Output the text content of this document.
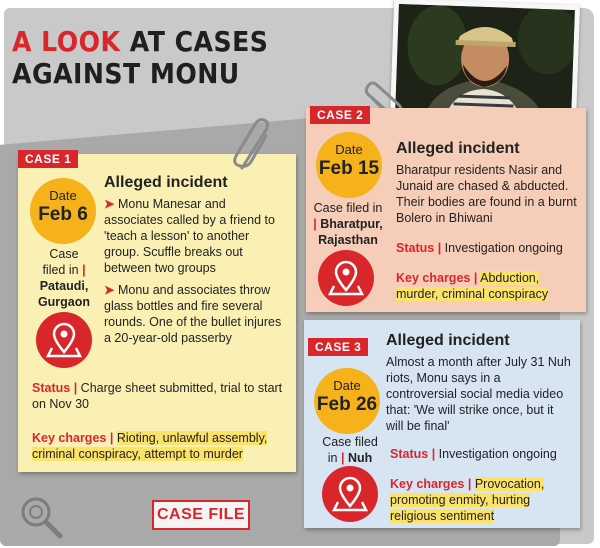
A LOOK AT CASES
AGAINST MONU
CASE 1
Date
Feb 6
Case
filed in |
Pataudi,
Gurgaon
Alleged incident
➤ Monu Manesar and associates called by a friend to 'teach a lesson' to another group. Scuffle breaks out between two groups
➤ Monu and associates throw glass bottles and fire several rounds. One of the bullet injures a 20-year-old passerby
Status | Charge sheet submitted, trial to start on Nov 30
Key charges | Rioting, unlawful assembly, criminal conspiracy, attempt to murder
CASE 2
Date
Feb 15
Case filed in
| Bharatpur,
Rajasthan
Alleged incident
Bharatpur residents Nasir and Junaid are chased & abducted. Their bodies are found in a burnt Bolero in Bhiwani
Status | Investigation ongoing
Key charges | Abduction, murder, criminal conspiracy
CASE 3
Date
Feb 26
Case filed
in | Nuh
Alleged incident
Almost a month after July 31 Nuh riots, Monu says in a controversial social media video that: 'We will strike once, but it will be final'
Status | Investigation ongoing
Key charges | Provocation, promoting enmity, hurting religious sentiment
CASE FILE
